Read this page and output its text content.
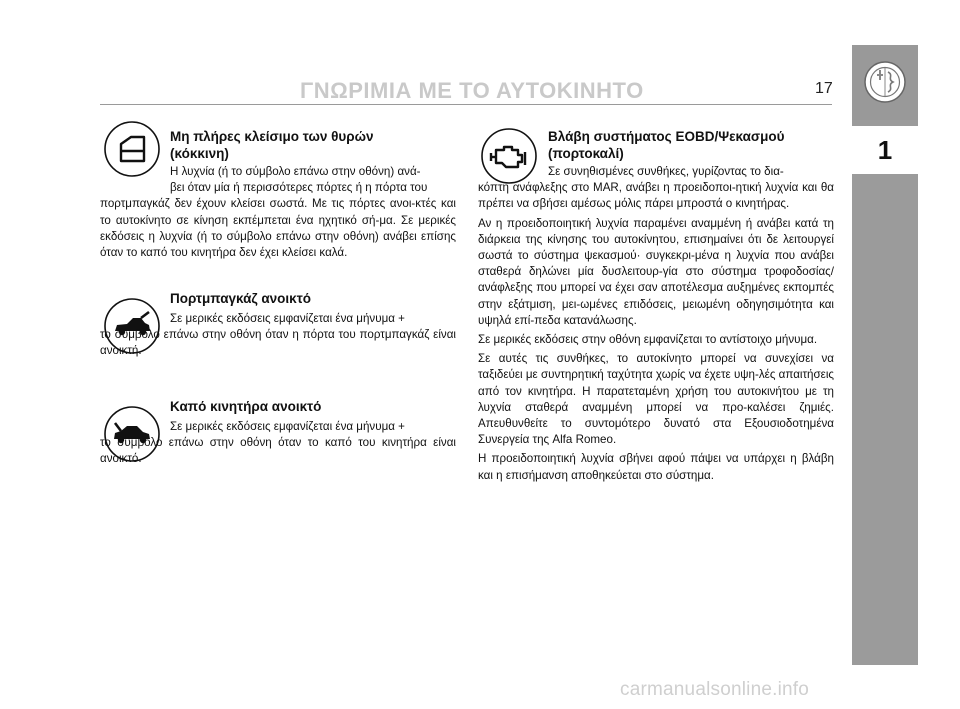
ΓΝΩΡΙΜΙΑ ΜΕ ΤΟ ΑΥΤΟΚΙΝΗΤΟ	17
1
Μη πλήρες κλείσιμο των θυρών
(κόκκινη)
Η λυχνία (ή το σύμβολο επάνω στην οθόνη) ανά-
βει όταν μία ή περισσότερες πόρτες ή η πόρτα του
πορτμπαγκάζ δεν έχουν κλείσει σωστά. Με τις πόρτες ανοι-κτές και το αυτοκίνητο σε κίνηση εκπέμπεται ένα ηχητικό σή-μα. Σε μερικές εκδόσεις η λυχνία (ή το σύμβολο επάνω στην οθόνη) ανάβει επίσης όταν το καπό του κινητήρα δεν έχει κλείσει καλά.
Πορτμπαγκάζ ανοικτό
Σε μερικές εκδόσεις εμφανίζεται ένα μήνυμα +
το σύμβολο επάνω στην οθόνη όταν η πόρτα του πορτμπαγκάζ είναι ανοικτή.
Καπό κινητήρα ανοικτό
Σε μερικές εκδόσεις εμφανίζεται ένα μήνυμα +
το σύμβολο επάνω στην οθόνη όταν το καπό του κινητήρα είναι ανοικτό.
Βλάβη συστήματος EOBD/Ψεκασμού
(πορτοκαλί)

Σε συνηθισμένες συνθήκες, γυρίζοντας το δια-
κόπτη ανάφλεξης στο MAR, ανάβει η προειδοποι-ητική λυχνία και θα πρέπει να σβήσει αμέσως μόλις πάρει μπροστά ο κινητήρας.

Αν η προειδοποιητική λυχνία παραμένει αναμμένη ή ανάβει κατά τη διάρκεια της κίνησης του αυτοκίνητου, επισημαίνει ότι δε λειτουργεί σωστά το σύστημα ψεκασμού· συγκεκρι-μένα η λυχνία που ανάβει σταθερά δηλώνει μία δυσλειτουρ-γία στο σύστημα τροφοδοσίας/ανάφλεξης που μπορεί να έχει σαν αποτέλεσμα αυξημένες εκπομπές στην εξάτμιση, μει-ωμένες επιδόσεις, μειωμένη οδηγησιμότητα και υψηλά επί-πεδα κατανάλωσης.

Σε μερικές εκδόσεις στην οθόνη εμφανίζεται το αντίστοιχο μήνυμα.

Σε αυτές τις συνθήκες, το αυτοκίνητο μπορεί να συνεχίσει να ταξιδεύει με συντηρητική ταχύτητα χωρίς να έχετε υψη-λές απαιτήσεις από τον κινητήρα. Η παρατεταμένη χρήση του αυτοκινήτου με τη λυχνία σταθερά αναμμένη μπορεί να προ-καλέσει ζημιές. Απευθυνθείτε το συντομότερο δυνατό στα Εξουσιοδοτημένα Συνεργεία της Alfa Romeo.

Η προειδοποιητική λυχνία σβήνει αφού πάψει να υπάρχει η βλάβη και η επισήμανση αποθηκεύεται στο σύστημα.

carmanualsonline.info
